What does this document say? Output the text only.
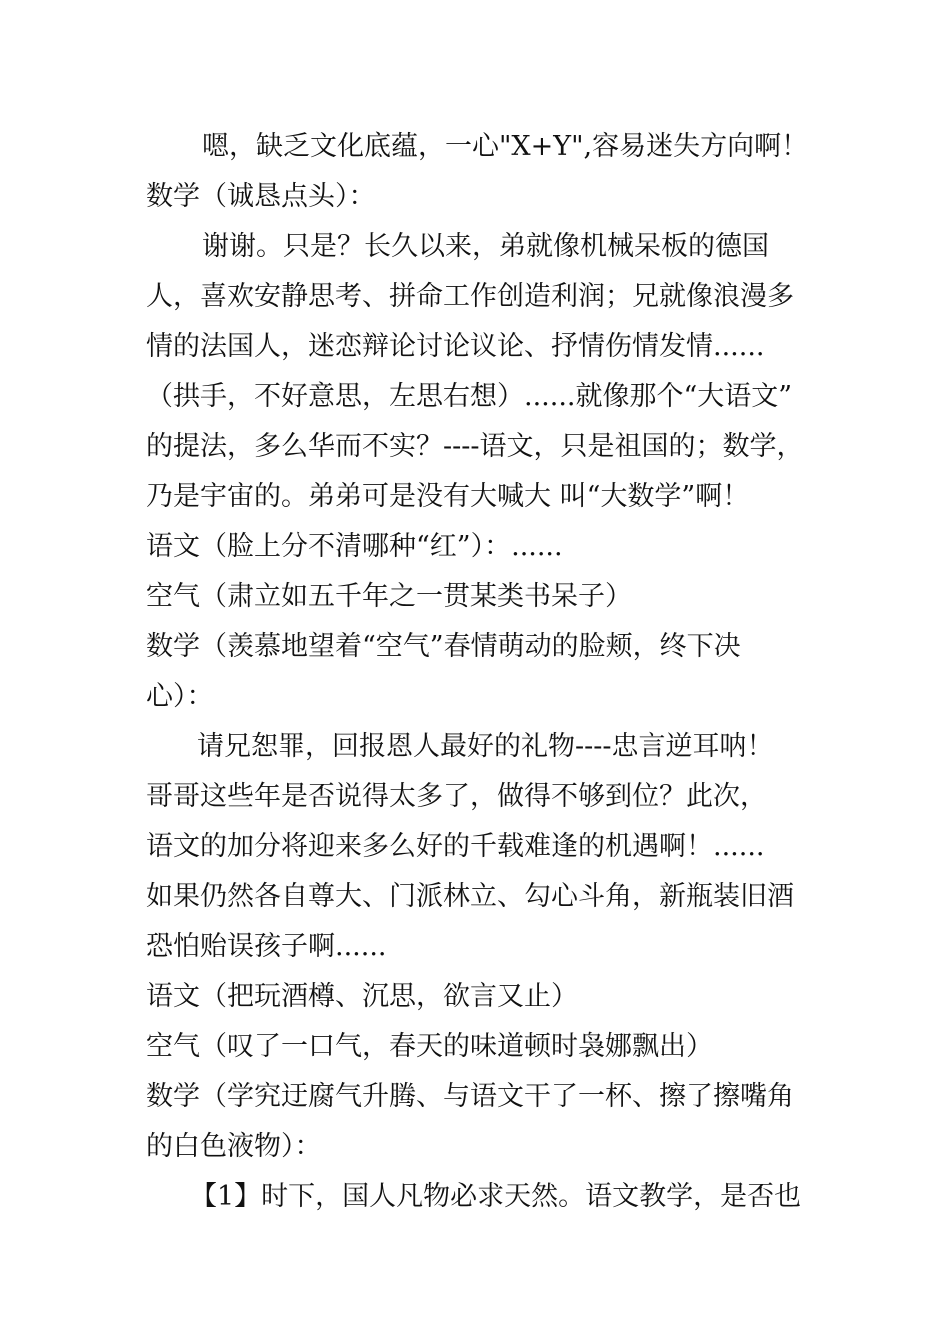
嗯，缺乏文化底蕴，一心"X+Y",容易迷失方向啊！
数学（诚恳点头）：
谢谢。只是？长久以来，弟就像机械呆板的德国
人，喜欢安静思考、拼命工作创造利润；兄就像浪漫多
情的法国人，迷恋辩论讨论议论、抒情伤情发情......
（拱手，不好意思，左思右想）......就像那个“大语文”
的提法，多么华而不实？----语文，只是祖国的；数学，
乃是宇宙的。弟弟可是没有大喊大 叫“大数学”啊！
语文（脸上分不清哪种“红”）：......
空气（肃立如五千年之一贯某类书呆子）
数学（羡慕地望着“空气”春情萌动的脸颊，终下决
心）：
请兄恕罪，回报恩人最好的礼物----忠言逆耳呐！
哥哥这些年是否说得太多了，做得不够到位？此次，
语文的加分将迎来多么好的千载难逢的机遇啊！......
如果仍然各自尊大、门派林立、勾心斗角，新瓶装旧酒
恐怕贻误孩子啊......
语文（把玩酒樽、沉思，欲言又止）
空气（叹了一口气，春天的味道顿时袅娜飘出）
数学（学究迂腐气升腾、与语文干了一杯、擦了擦嘴角
的白色液物）：
【1】时下，国人凡物必求天然。语文教学，是否也
